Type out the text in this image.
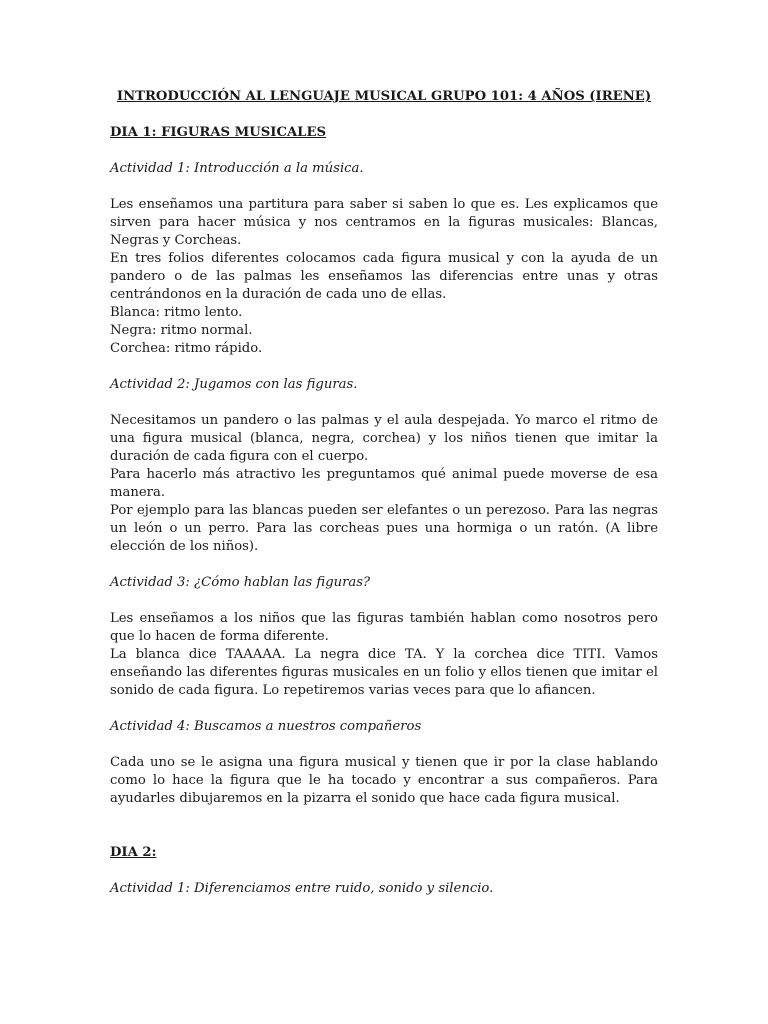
INTRODUCCIÓN AL LENGUAJE MUSICAL GRUPO 101: 4 AÑOS (IRENE)

DIA 1: FIGURAS MUSICALES

Actividad 1: Introducción a la música.

Les enseñamos una partitura para saber si saben lo que es. Les explicamos que sirven para hacer música y nos centramos en la figuras musicales: Blancas, Negras y Corcheas.

En tres folios diferentes colocamos cada figura musical y con la ayuda de un pandero o de las palmas les enseñamos las diferencias entre unas y otras centrándonos en la duración de cada uno de ellas.

Blanca: ritmo lento.

Negra: ritmo normal.

Corchea: ritmo rápido.

Actividad 2: Jugamos con las figuras.

Necesitamos un pandero o las palmas y el aula despejada. Yo marco el ritmo de una figura musical (blanca, negra, corchea) y los niños tienen que imitar la duración de cada figura con el cuerpo.

Para hacerlo más atractivo les preguntamos qué animal puede moverse de esa manera.

Por ejemplo para las blancas pueden ser elefantes o un perezoso. Para las negras un león o un perro. Para las corcheas pues una hormiga o un ratón. (A libre elección de los niños).

Actividad 3: ¿Cómo hablan las figuras?

Les enseñamos a los niños que las figuras también hablan como nosotros pero que lo hacen de forma diferente.

La blanca dice TAAAAA. La negra dice TA. Y la corchea dice TITI. Vamos enseñando las diferentes figuras musicales en un folio y ellos tienen que imitar el sonido de cada figura. Lo repetiremos varias veces para que lo afiancen.

Actividad 4: Buscamos a nuestros compañeros

Cada uno se le asigna una figura musical y tienen que ir por la clase hablando como lo hace la figura que le ha tocado y encontrar a sus compañeros. Para ayudarles dibujaremos en la pizarra el sonido que hace cada figura musical.

DIA 2:

Actividad 1: Diferenciamos entre ruido, sonido y silencio.
